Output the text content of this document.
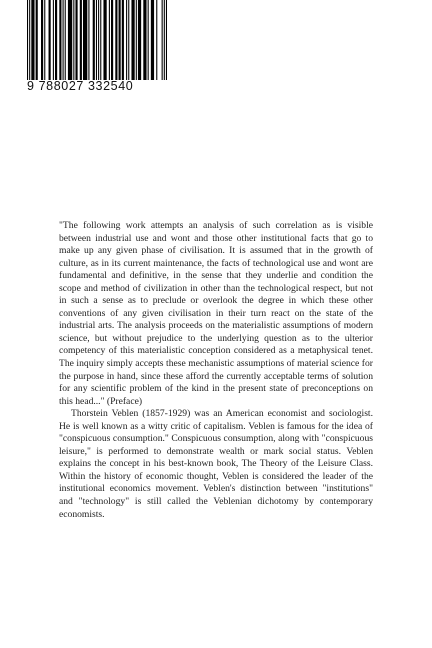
9 788027 332540

"The following work attempts an analysis of such correlation as is visible between industrial use and wont and those other institutional facts that go to make up any given phase of civilisation. It is assumed that in the growth of culture, as in its current maintenance, the facts of technological use and wont are fundamental and definitive, in the sense that they underlie and condition the scope and method of civilization in other than the technological respect, but not in such a sense as to preclude or overlook the degree in which these other conventions of any given civilisation in their turn react on the state of the industrial arts. The analysis proceeds on the materialistic assumptions of modern science, but without prejudice to the underlying question as to the ulterior competency of this materialistic conception considered as a metaphysical tenet. The inquiry simply accepts these mechanistic assumptions of material science for the purpose in hand, since these afford the currently acceptable terms of solution for any scientific problem of the kind in the present state of preconceptions on this head..." (Preface)

Thorstein Veblen (1857-1929) was an American economist and sociologist. He is well known as a witty critic of capitalism. Veblen is famous for the idea of "conspicuous consumption." Conspicuous consumption, along with "conspicuous leisure," is performed to demonstrate wealth or mark social status. Veblen explains the concept in his best-known book, The Theory of the Leisure Class. Within the history of economic thought, Veblen is considered the leader of the institutional economics movement. Veblen's distinction between "institutions" and "technology" is still called the Veblenian dichotomy by contemporary economists.
